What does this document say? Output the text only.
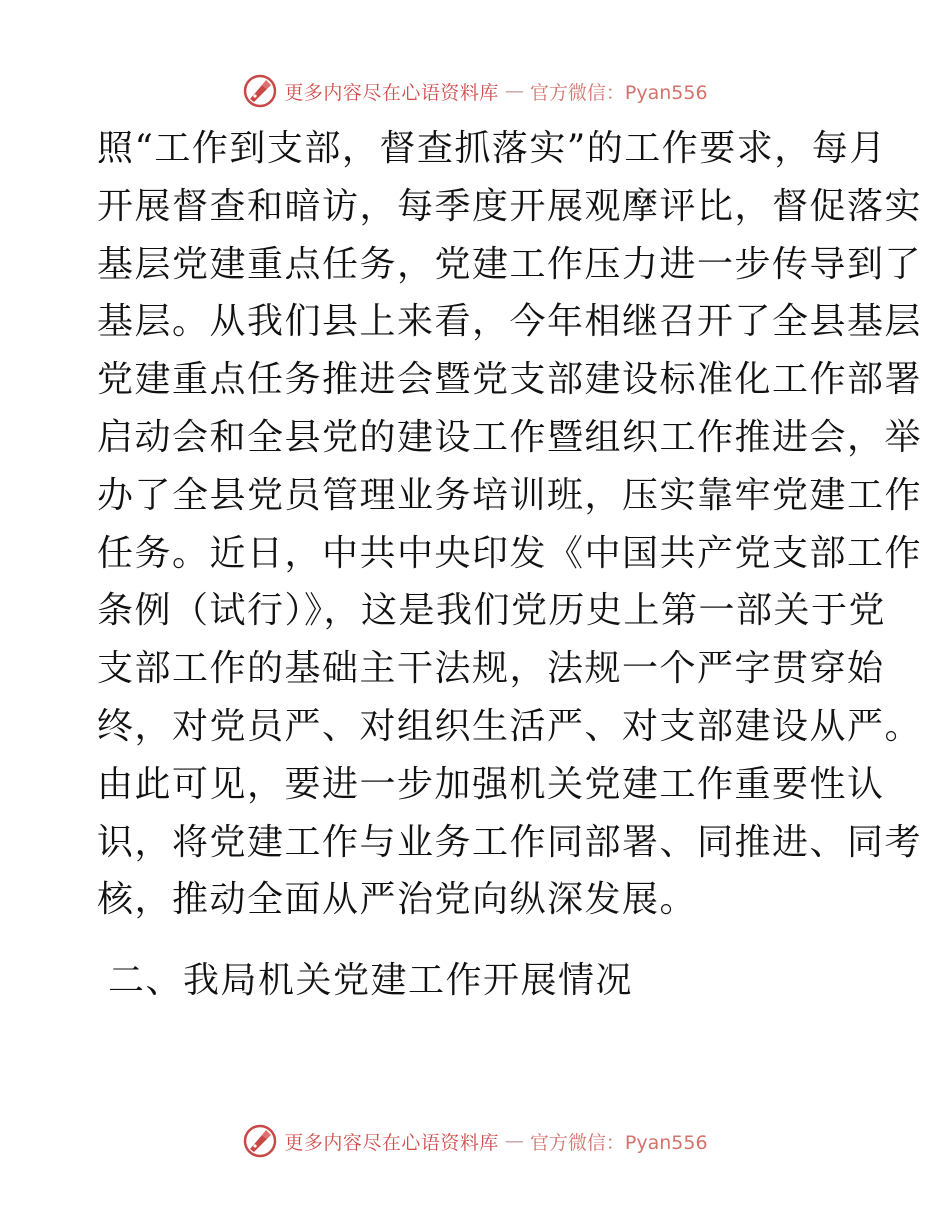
更多内容尽在心语资料库 — 官方微信：Pyan556
照“工作到支部，督查抓落实”的工作要求，每月
开展督查和暗访，每季度开展观摩评比，督促落实
基层党建重点任务，党建工作压力进一步传导到了
基层。从我们县上来看，今年相继召开了全县基层
党建重点任务推进会暨党支部建设标准化工作部署
启动会和全县党的建设工作暨组织工作推进会，举
办了全县党员管理业务培训班，压实靠牢党建工作
任务。近日，中共中央印发《中国共产党支部工作
条例（试行）》，这是我们党历史上第一部关于党
支部工作的基础主干法规，法规一个严字贯穿始
终，对党员严、对组织生活严、对支部建设从严。
由此可见，要进一步加强机关党建工作重要性认
识，将党建工作与业务工作同部署、同推进、同考
核，推动全面从严治党向纵深发展。
二、我局机关党建工作开展情况
更多内容尽在心语资料库 — 官方微信：Pyan556
